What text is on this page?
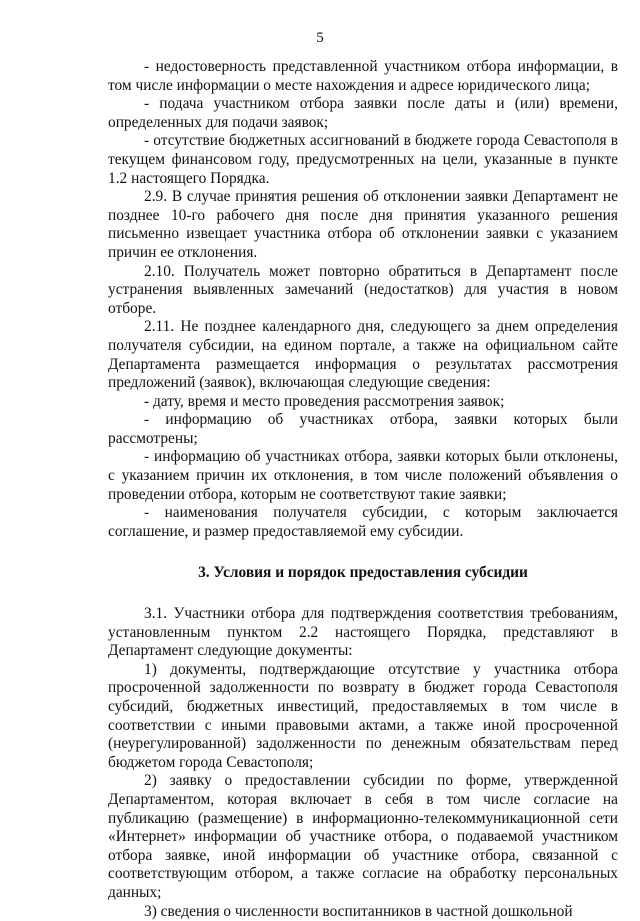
5

- недостоверность представленной участником отбора информации, в том числе информации о месте нахождения и адресе юридического лица;

- подача участником отбора заявки после даты и (или) времени, определенных для подачи заявок;

- отсутствие бюджетных ассигнований в бюджете города Севастополя в текущем финансовом году, предусмотренных на цели, указанные в пункте 1.2 настоящего Порядка.

2.9. В случае принятия решения об отклонении заявки Департамент не позднее 10-го рабочего дня после дня принятия указанного решения письменно извещает участника отбора об отклонении заявки с указанием причин ее отклонения.

2.10. Получатель может повторно обратиться в Департамент после устранения выявленных замечаний (недостатков) для участия в новом отборе.

2.11. Не позднее календарного дня, следующего за днем определения получателя субсидии, на едином портале, а также на официальном сайте Департамента размещается информация о результатах рассмотрения предложений (заявок), включающая следующие сведения:

- дату, время и место проведения рассмотрения заявок;

- информацию об участниках отбора, заявки которых были рассмотрены;

- информацию об участниках отбора, заявки которых были отклонены, с указанием причин их отклонения, в том числе положений объявления о проведении отбора, которым не соответствуют такие заявки;

- наименования получателя субсидии, с которым заключается соглашение, и размер предоставляемой ему субсидии.

3. Условия и порядок предоставления субсидии

3.1. Участники отбора для подтверждения соответствия требованиям, установленным пунктом 2.2 настоящего Порядка, представляют в Департамент следующие документы:

1) документы, подтверждающие отсутствие у участника отбора просроченной задолженности по возврату в бюджет города Севастополя субсидий, бюджетных инвестиций, предоставляемых в том числе в соответствии с иными правовыми актами, а также иной просроченной (неурегулированной) задолженности по денежным обязательствам перед бюджетом города Севастополя;

2) заявку о предоставлении субсидии по форме, утвержденной Департаментом, которая включает в себя в том числе согласие на публикацию (размещение) в информационно-телекоммуникационной сети «Интернет» информации об участнике отбора, о подаваемой участником отбора заявке, иной информации об участнике отбора, связанной с соответствующим отбором, а также согласие на обработку персональных данных;

3) сведения о численности воспитанников в частной дошкольной
